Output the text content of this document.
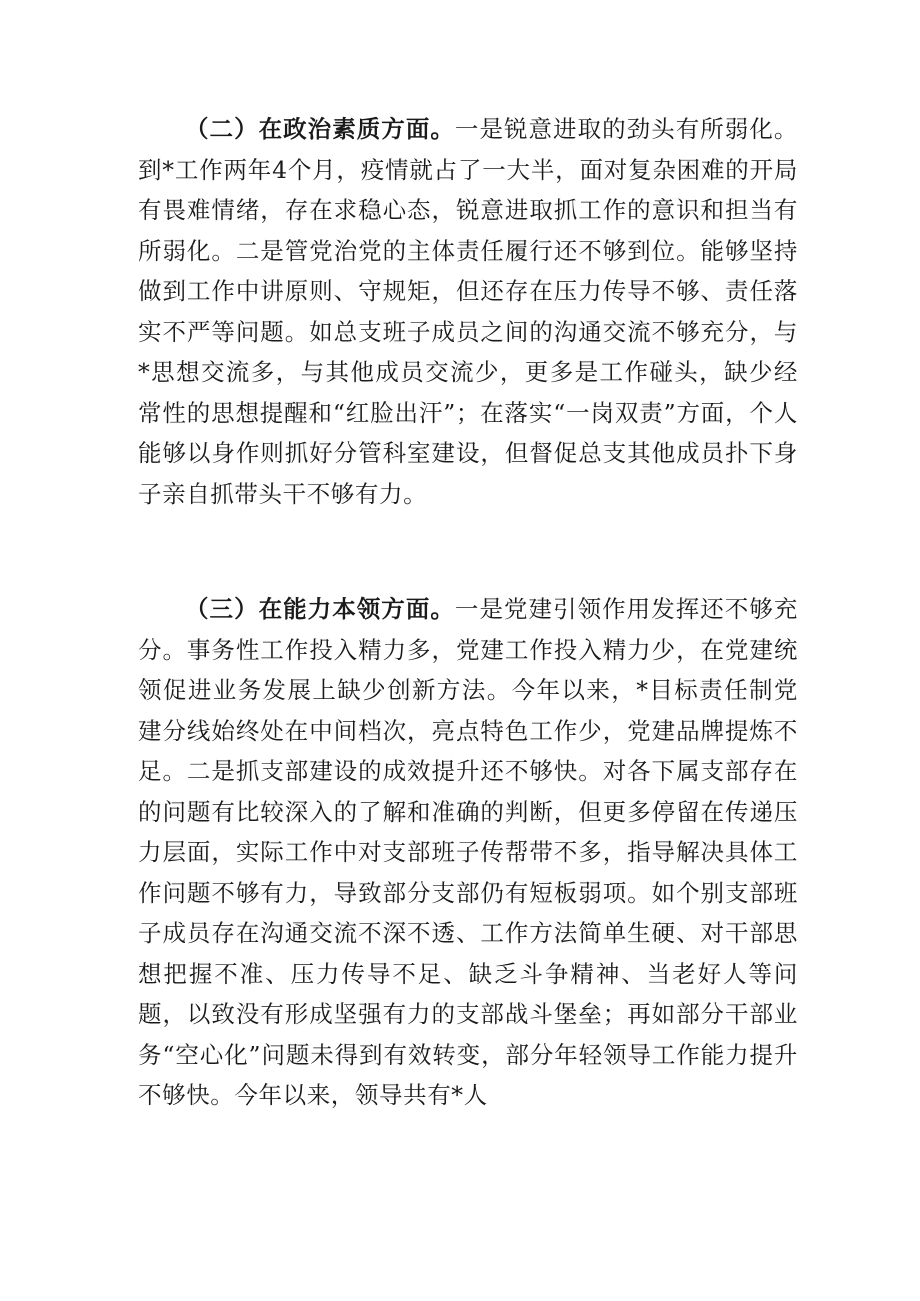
（二）在政治素质方面。一是锐意进取的劲头有所弱化。到*工作两年4个月，疫情就占了一大半，面对复杂困难的开局有畏难情绪，存在求稳心态，锐意进取抓工作的意识和担当有所弱化。二是管党治党的主体责任履行还不够到位。能够坚持做到工作中讲原则、守规矩，但还存在压力传导不够、责任落实不严等问题。如总支班子成员之间的沟通交流不够充分，与*思想交流多，与其他成员交流少，更多是工作碰头，缺少经常性的思想提醒和“红脸出汗”；在落实“一岗双责”方面，个人能够以身作则抓好分管科室建设，但督促总支其他成员扑下身子亲自抓带头干不够有力。

（三）在能力本领方面。一是党建引领作用发挥还不够充分。事务性工作投入精力多，党建工作投入精力少，在党建统领促进业务发展上缺少创新方法。今年以来，*目标责任制党建分线始终处在中间档次，亮点特色工作少，党建品牌提炼不足。二是抓支部建设的成效提升还不够快。对各下属支部存在的问题有比较深入的了解和准确的判断，但更多停留在传递压力层面，实际工作中对支部班子传帮带不多，指导解决具体工作问题不够有力，导致部分支部仍有短板弱项。如个别支部班子成员存在沟通交流不深不透、工作方法简单生硬、对干部思想把握不准、压力传导不足、缺乏斗争精神、当老好人等问题，以致没有形成坚强有力的支部战斗堡垒；再如部分干部业务“空心化”问题未得到有效转变，部分年轻领导工作能力提升不够快。今年以来，领导共有*人
